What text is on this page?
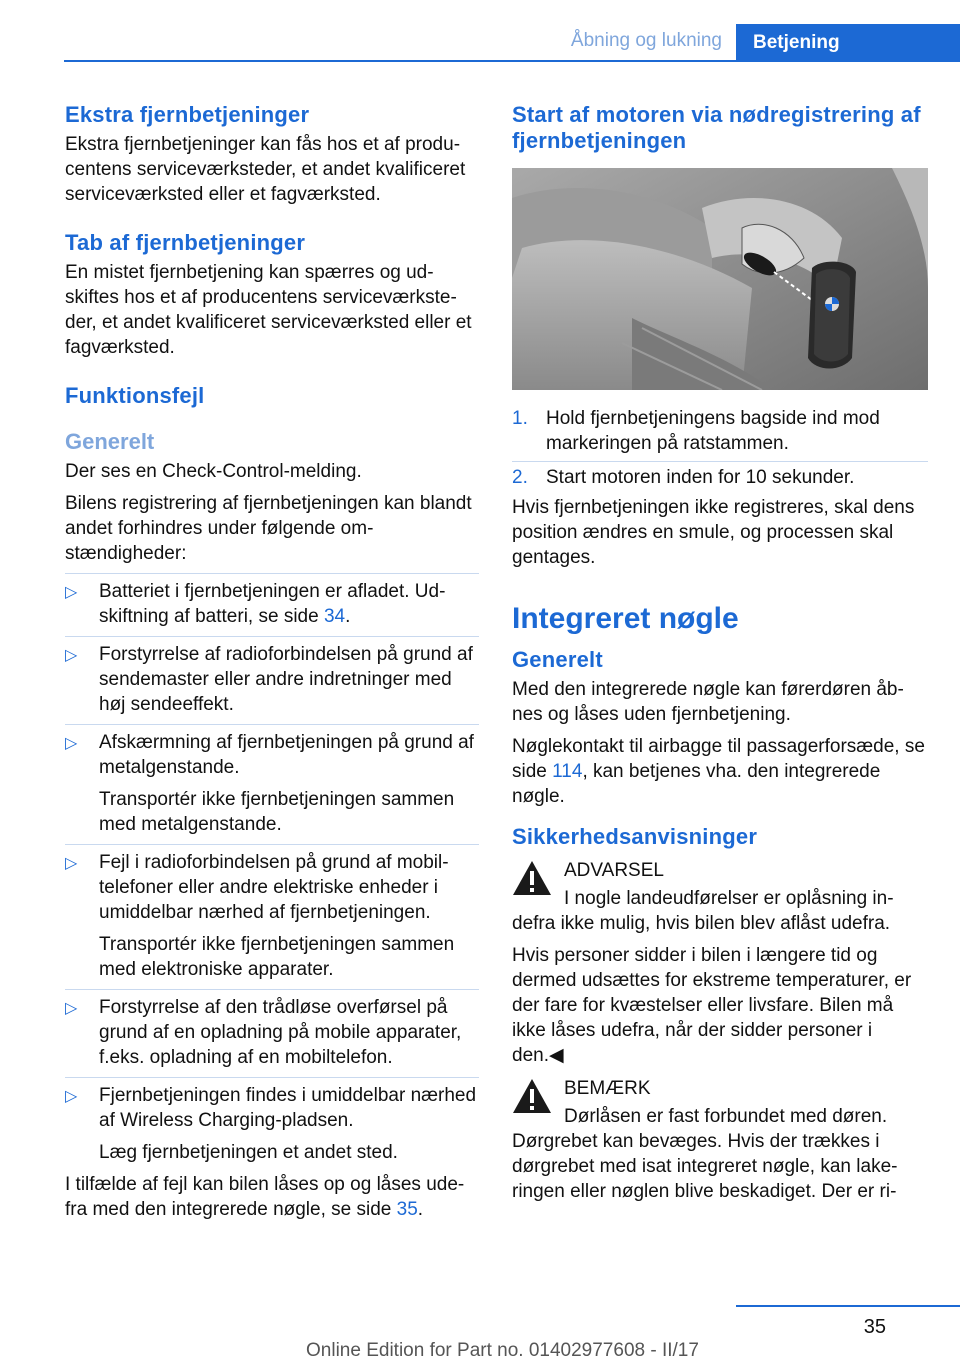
Åbning og lukning	Betjening
Ekstra fjernbetjeninger

Ekstra fjernbetjeninger kan fås hos et af producentens serviceværksteder, et andet kvalificeret serviceværksted eller et fagværksted.

Tab af fjernbetjeninger

En mistet fjernbetjening kan spærres og udskiftes hos et af producentens serviceværksteder, et andet kvalificeret serviceværksted eller et fagværksted.

Funktionsfejl
Generelt

Der ses en Check-Control-melding.

Bilens registrering af fjernbetjeningen kan blandt andet forhindres under følgende omstændigheder:

▷ Batteriet i fjernbetjeningen er afladet. Udskiftning af batteri, se side 34.
▷ Forstyrrelse af radioforbindelsen på grund af sendemaster eller andre indretninger med høj sendeeffekt.
▷ Afskærmning af fjernbetjeningen på grund af metalgenstande.
Transportér ikke fjernbetjeningen sammen med metalgenstande.
▷ Fejl i radioforbindelsen på grund af mobiltelefoner eller andre elektriske enheder i umiddelbar nærhed af fjernbetjeningen.
Transportér ikke fjernbetjeningen sammen med elektroniske apparater.
▷ Forstyrrelse af den trådløse overførsel på grund af en opladning på mobile apparater, f.eks. opladning af en mobiltelefon.
▷ Fjernbetjeningen findes i umiddelbar nærhed af Wireless Charging-pladsen.
Læg fjernbetjeningen et andet sted.

I tilfælde af fejl kan bilen låses op og låses udefra med den integrerede nøgle, se side 35.

Start af motoren via nødregistrering af fjernbetjeningen
1. Hold fjernbetjeningens bagside ind mod markeringen på ratstammen.
2. Start motoren inden for 10 sekunder.

Hvis fjernbetjeningen ikke registreres, skal dens position ændres en smule, og processen skal gentages.

Integreret nøgle
Generelt

Med den integrerede nøgle kan førerdøren åbnes og låses uden fjernbetjening.

Nøglekontakt til airbagge til passagerforsæde, se side 114, kan betjenes vha. den integrerede nøgle.

Sikkerhedsanvisninger
ADVARSEL

I nogle landeudførelser er oplåsning indefra ikke mulig, hvis bilen blev aflåst udefra.

Hvis personer sidder i bilen i længere tid og dermed udsættes for ekstreme temperaturer, er der fare for kvæstelser eller livsfare. Bilen må ikke låses udefra, når der sidder personer i den.◀

BEMÆRK

Dørlåsen er fast forbundet med døren. Dørgrebet kan bevæges. Hvis der trækkes i dørgrebet med isat integreret nøgle, kan lakeringen eller nøglen blive beskadiget. Der er ri-

35
Online Edition for Part no. 01402977608 - II/17
